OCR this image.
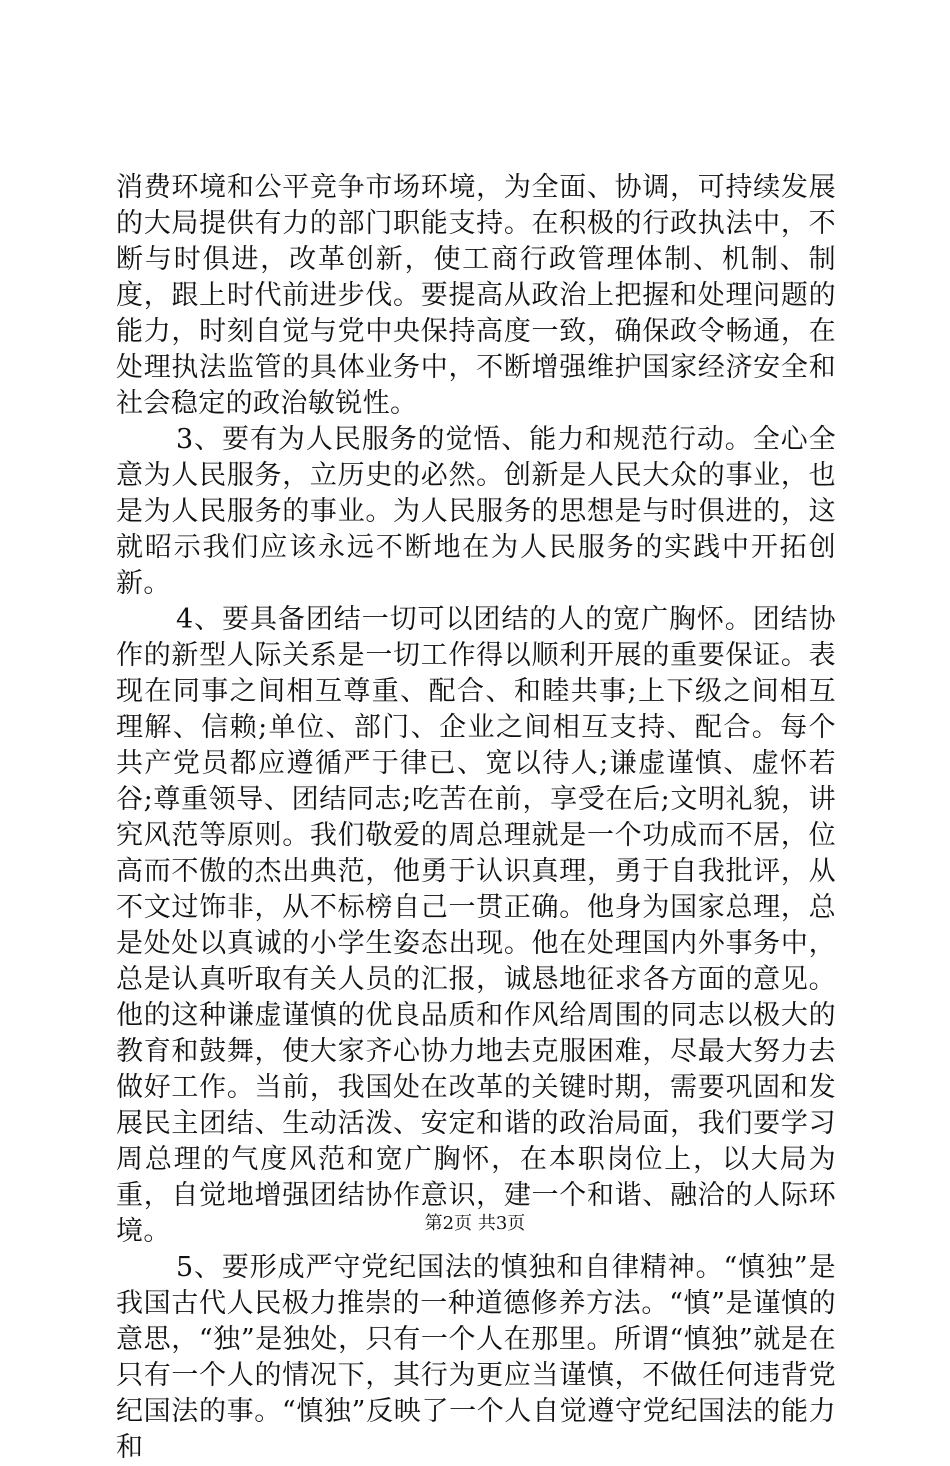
消费环境和公平竞争市场环境，为全面、协调，可持续发展的大局提供有力的部门职能支持。在积极的行政执法中，不断与时俱进，改革创新，使工商行政管理体制、机制、制度，跟上时代前进步伐。要提高从政治上把握和处理问题的能力，时刻自觉与党中央保持高度一致，确保政令畅通，在处理执法监管的具体业务中，不断增强维护国家经济安全和社会稳定的政治敏锐性。

3、要有为人民服务的觉悟、能力和规范行动。全心全意为人民服务，立历史的必然。创新是人民大众的事业，也是为人民服务的事业。为人民服务的思想是与时俱进的，这就昭示我们应该永远不断地在为人民服务的实践中开拓创新。

4、要具备团结一切可以团结的人的宽广胸怀。团结协作的新型人际关系是一切工作得以顺利开展的重要保证。表现在同事之间相互尊重、配合、和睦共事;上下级之间相互理解、信赖;单位、部门、企业之间相互支持、配合。每个共产党员都应遵循严于律已、宽以待人;谦虚谨慎、虚怀若谷;尊重领导、团结同志;吃苦在前，享受在后;文明礼貌，讲究风范等原则。我们敬爱的周总理就是一个功成而不居，位高而不傲的杰出典范，他勇于认识真理，勇于自我批评，从不文过饰非，从不标榜自己一贯正确。他身为国家总理，总是处处以真诚的小学生姿态出现。他在处理国内外事务中，总是认真听取有关人员的汇报，诚恳地征求各方面的意见。他的这种谦虚谨慎的优良品质和作风给周围的同志以极大的教育和鼓舞，使大家齐心协力地去克服困难，尽最大努力去做好工作。当前，我国处在改革的关键时期，需要巩固和发展民主团结、生动活泼、安定和谐的政治局面，我们要学习周总理的气度风范和宽广胸怀，在本职岗位上，以大局为重，自觉地增强团结协作意识，建一个和谐、融洽的人际环境。

5、要形成严守党纪国法的慎独和自律精神。“慎独”是我国古代人民极力推崇的一种道德修养方法。“慎”是谨慎的意思，“独”是独处，只有一个人在那里。所谓“慎独”就是在只有一个人的情况下，其行为更应当谨慎，不做任何违背党纪国法的事。“慎独”反映了一个人自觉遵守党纪国法的能力和

第2页 共3页
